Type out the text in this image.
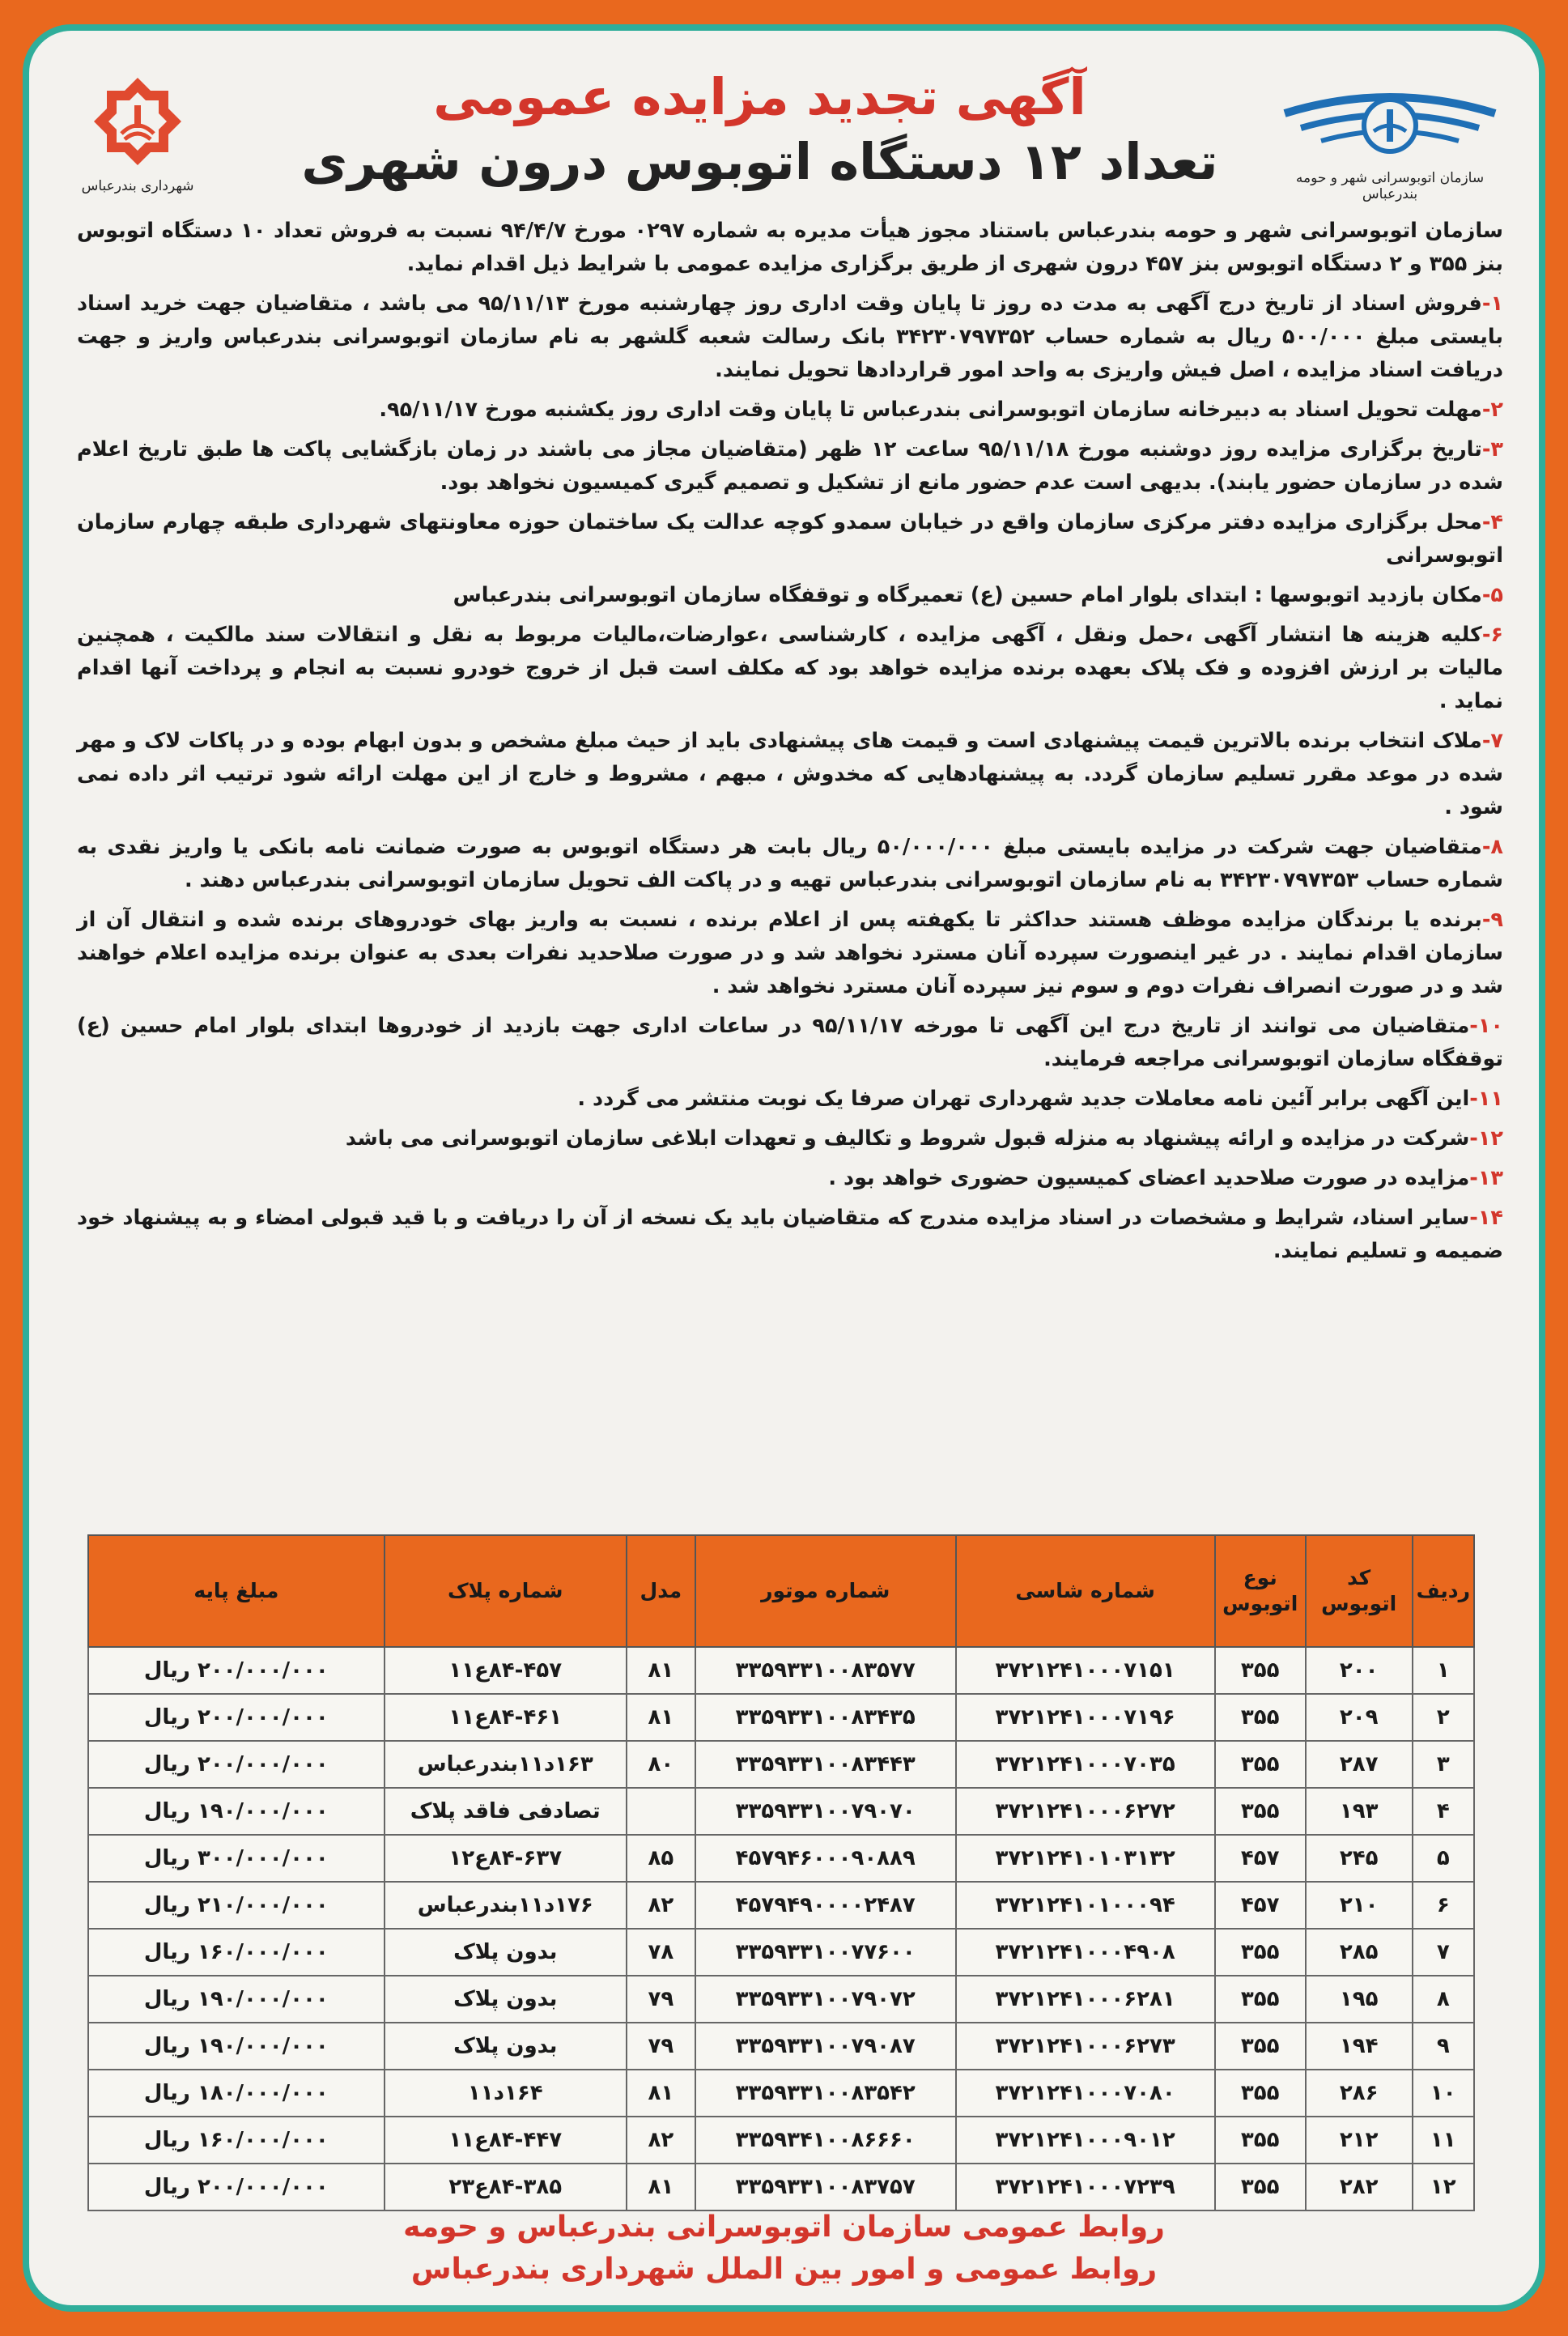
شهرداری بندرعباس
آگهی تجدید مزایده عمومی
تعداد ۱۲ دستگاه اتوبوس درون شهری	سازمان اتوبوسرانی شهر و حومه بندرعباس

سازمان اتوبوسرانی شهر و حومه بندرعباس باستناد مجوز هیأت مدیره به شماره ۰۲۹۷ مورخ ۹۴/۴/۷ نسبت به فروش تعداد ۱۰ دستگاه اتوبوس بنز ۳۵۵ و ۲ دستگاه اتوبوس بنز ۴۵۷ درون شهری از طریق برگزاری مزایده عمومی با شرایط ذیل اقدام نماید.

۱-فروش اسناد از تاریخ درج آگهی به مدت ده روز تا پایان وقت اداری روز چهارشنبه مورخ ۹۵/۱۱/۱۳ می باشد ، متقاضیان جهت خرید اسناد بایستی مبلغ ۵۰۰/۰۰۰ ریال به شماره حساب ۳۴۲۳۰۷۹۷۳۵۲ بانک رسالت شعبه گلشهر به نام سازمان اتوبوسرانی بندرعباس واریز و جهت دریافت اسناد مزایده ، اصل فیش واریزی به واحد امور قراردادها تحویل نمایند.

۲-مهلت تحویل اسناد به دبیرخانه سازمان اتوبوسرانی بندرعباس تا پایان وقت اداری روز یکشنبه مورخ ۹۵/۱۱/۱۷.

۳-تاریخ برگزاری مزایده روز دوشنبه مورخ ۹۵/۱۱/۱۸ ساعت ۱۲ ظهر (متقاضیان مجاز می باشند در زمان بازگشایی پاکت ها طبق تاریخ اعلام شده در سازمان حضور یابند). بدیهی است عدم حضور مانع از تشکیل و تصمیم گیری کمیسیون نخواهد بود.

۴-محل برگزاری مزایده دفتر مرکزی سازمان واقع در خیابان سمدو کوچه عدالت یک ساختمان حوزه معاونتهای شهرداری طبقه چهارم سازمان اتوبوسرانی

۵-مکان بازدید اتوبوسها : ابتدای بلوار امام حسین (ع) تعمیرگاه و توقفگاه سازمان اتوبوسرانی بندرعباس

۶-کلیه هزینه ها انتشار آگهی ،حمل ونقل ، آگهی مزایده ، کارشناسی ،عوارضات،مالیات مربوط به نقل و انتقالات سند مالکیت ، همچنین مالیات بر ارزش افزوده و فک پلاک بعهده برنده مزایده خواهد بود که مکلف است قبل از خروج خودرو نسبت به انجام و پرداخت آنها اقدام نماید .

۷-ملاک انتخاب برنده بالاترین قیمت پیشنهادی است و قیمت های پیشنهادی باید از حیث مبلغ مشخص و بدون ابهام بوده و در پاکات لاک و مهر شده در موعد مقرر تسلیم سازمان گردد. به پیشنهادهایی که مخدوش ، مبهم ، مشروط و خارج از این مهلت ارائه شود ترتیب اثر داده نمی شود .

۸-متقاضیان جهت شرکت در مزایده بایستی مبلغ ۵۰/۰۰۰/۰۰۰ ریال بابت هر دستگاه اتوبوس به صورت ضمانت نامه بانکی یا واریز نقدی به شماره حساب ۳۴۲۳۰۷۹۷۳۵۳ به نام سازمان اتوبوسرانی بندرعباس تهیه و در پاکت الف تحویل سازمان اتوبوسرانی بندرعباس دهند .

۹-برنده یا برندگان مزایده موظف هستند حداکثر تا یکهفته پس از اعلام برنده ، نسبت به واریز بهای خودروهای برنده شده و انتقال آن از سازمان اقدام نمایند . در غیر اینصورت سپرده آنان مسترد نخواهد شد و در صورت صلاحدید نفرات بعدی به عنوان برنده مزایده اعلام خواهند شد و در صورت انصراف نفرات دوم و سوم نیز سپرده آنان مسترد نخواهد شد .

۱۰-متقاضیان می توانند از تاریخ درج این آگهی تا مورخه ۹۵/۱۱/۱۷ در ساعات اداری جهت بازدید از خودروها ابتدای بلوار امام حسین (ع) توقفگاه سازمان اتوبوسرانی مراجعه فرمایند.

۱۱-این آگهی برابر آئین نامه معاملات جدید شهرداری تهران صرفا یک نوبت منتشر می گردد .

۱۲-شرکت در مزایده و ارائه پیشنهاد به منزله قبول شروط و تکالیف و تعهدات ابلاغی سازمان اتوبوسرانی می باشد

۱۳-مزایده در صورت صلاحدید اعضای کمیسیون حضوری خواهد بود .

۱۴-سایر اسناد، شرایط و مشخصات در اسناد مزایده مندرج که متقاضیان باید یک نسخه از آن را دریافت و با قید قبولی امضاء و به پیشنهاد خود ضمیمه و تسلیم نمایند.

ردیف	کد اتوبوس	نوع اتوبوس	شماره شاسی	شماره موتور	مدل	شماره پلاک	مبلغ پایه
۱	۲۰۰	۳۵۵	۳۷۲۱۲۴۱۰۰۰۷۱۵۱	۳۳۵۹۳۳۱۰۰۸۳۵۷۷	۸۱	۸۴-۴۵۷ع۱۱	۲۰۰/۰۰۰/۰۰۰ ریال
۲	۲۰۹	۳۵۵	۳۷۲۱۲۴۱۰۰۰۷۱۹۶	۳۳۵۹۳۳۱۰۰۸۳۴۳۵	۸۱	۸۴-۴۶۱ع۱۱	۲۰۰/۰۰۰/۰۰۰ ریال
۳	۲۸۷	۳۵۵	۳۷۲۱۲۴۱۰۰۰۷۰۳۵	۳۳۵۹۳۳۱۰۰۸۳۴۴۳	۸۰	۱۶۳د۱۱بندرعباس	۲۰۰/۰۰۰/۰۰۰ ریال
۴	۱۹۳	۳۵۵	۳۷۲۱۲۴۱۰۰۰۶۲۷۲	۳۳۵۹۳۳۱۰۰۷۹۰۷۰		تصادفی فاقد پلاک	۱۹۰/۰۰۰/۰۰۰ ریال
۵	۲۴۵	۴۵۷	۳۷۲۱۲۴۱۰۱۰۳۱۳۲	۴۵۷۹۴۶۰۰۰۹۰۸۸۹	۸۵	۸۴-۶۳۷ع۱۲	۳۰۰/۰۰۰/۰۰۰ ریال
۶	۲۱۰	۴۵۷	۳۷۲۱۲۴۱۰۱۰۰۰۹۴	۴۵۷۹۴۹۰۰۰۰۲۴۸۷	۸۲	۱۷۶د۱۱بندرعباس	۲۱۰/۰۰۰/۰۰۰ ریال
۷	۲۸۵	۳۵۵	۳۷۲۱۲۴۱۰۰۰۴۹۰۸	۳۳۵۹۳۳۱۰۰۷۷۶۰۰	۷۸	بدون پلاک	۱۶۰/۰۰۰/۰۰۰ ریال
۸	۱۹۵	۳۵۵	۳۷۲۱۲۴۱۰۰۰۶۲۸۱	۳۳۵۹۳۳۱۰۰۷۹۰۷۲	۷۹	بدون پلاک	۱۹۰/۰۰۰/۰۰۰ ریال
۹	۱۹۴	۳۵۵	۳۷۲۱۲۴۱۰۰۰۶۲۷۳	۳۳۵۹۳۳۱۰۰۷۹۰۸۷	۷۹	بدون پلاک	۱۹۰/۰۰۰/۰۰۰ ریال
۱۰	۲۸۶	۳۵۵	۳۷۲۱۲۴۱۰۰۰۷۰۸۰	۳۳۵۹۳۳۱۰۰۸۳۵۴۲	۸۱	۱۶۴د۱۱	۱۸۰/۰۰۰/۰۰۰ ریال
۱۱	۲۱۲	۳۵۵	۳۷۲۱۲۴۱۰۰۰۹۰۱۲	۳۳۵۹۳۴۱۰۰۸۶۶۶۰	۸۲	۸۴-۴۴۷ع۱۱	۱۶۰/۰۰۰/۰۰۰ ریال
۱۲	۲۸۲	۳۵۵	۳۷۲۱۲۴۱۰۰۰۷۲۳۹	۳۳۵۹۳۳۱۰۰۸۳۷۵۷	۸۱	۸۴-۳۸۵ع۲۳	۲۰۰/۰۰۰/۰۰۰ ریال
روابط عمومی سازمان اتوبوسرانی بندرعباس و حومه
روابط عمومی و امور بین الملل شهرداری بندرعباس
